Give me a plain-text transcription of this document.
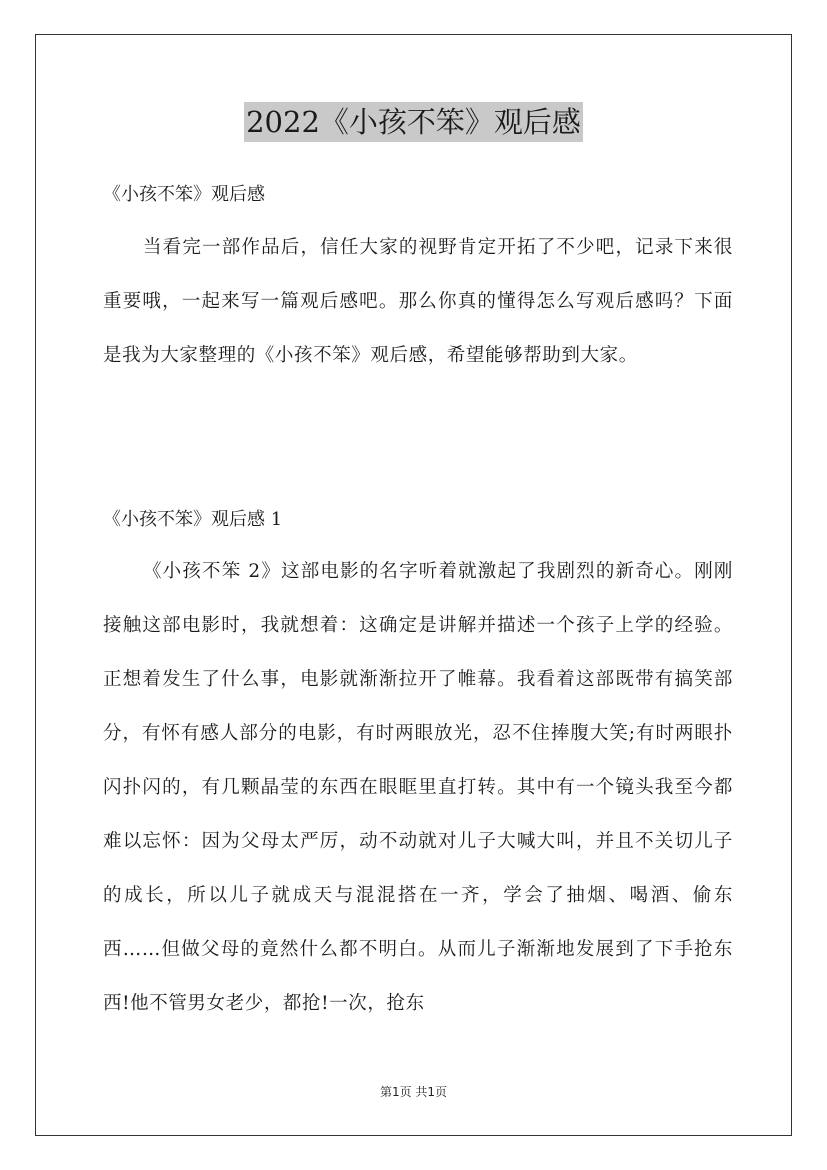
2022《小孩不笨》观后感
《小孩不笨》观后感

当看完一部作品后，信任大家的视野肯定开拓了不少吧，记录下来很重要哦，一起来写一篇观后感吧。那么你真的懂得怎么写观后感吗？下面是我为大家整理的《小孩不笨》观后感，希望能够帮助到大家。

《小孩不笨》观后感 1

《小孩不笨 2》这部电影的名字听着就激起了我剧烈的新奇心。刚刚接触这部电影时，我就想着：这确定是讲解并描述一个孩子上学的经验。正想着发生了什么事，电影就渐渐拉开了帷幕。我看着这部既带有搞笑部分，有怀有感人部分的电影，有时两眼放光，忍不住捧腹大笑;有时两眼扑闪扑闪的，有几颗晶莹的东西在眼眶里直打转。其中有一个镜头我至今都难以忘怀：因为父母太严厉，动不动就对儿子大喊大叫，并且不关切儿子的成长，所以儿子就成天与混混搭在一齐，学会了抽烟、喝酒、偷东西……但做父母的竟然什么都不明白。从而儿子渐渐地发展到了下手抢东西!他不管男女老少，都抢!一次，抢东

第1页 共1页
